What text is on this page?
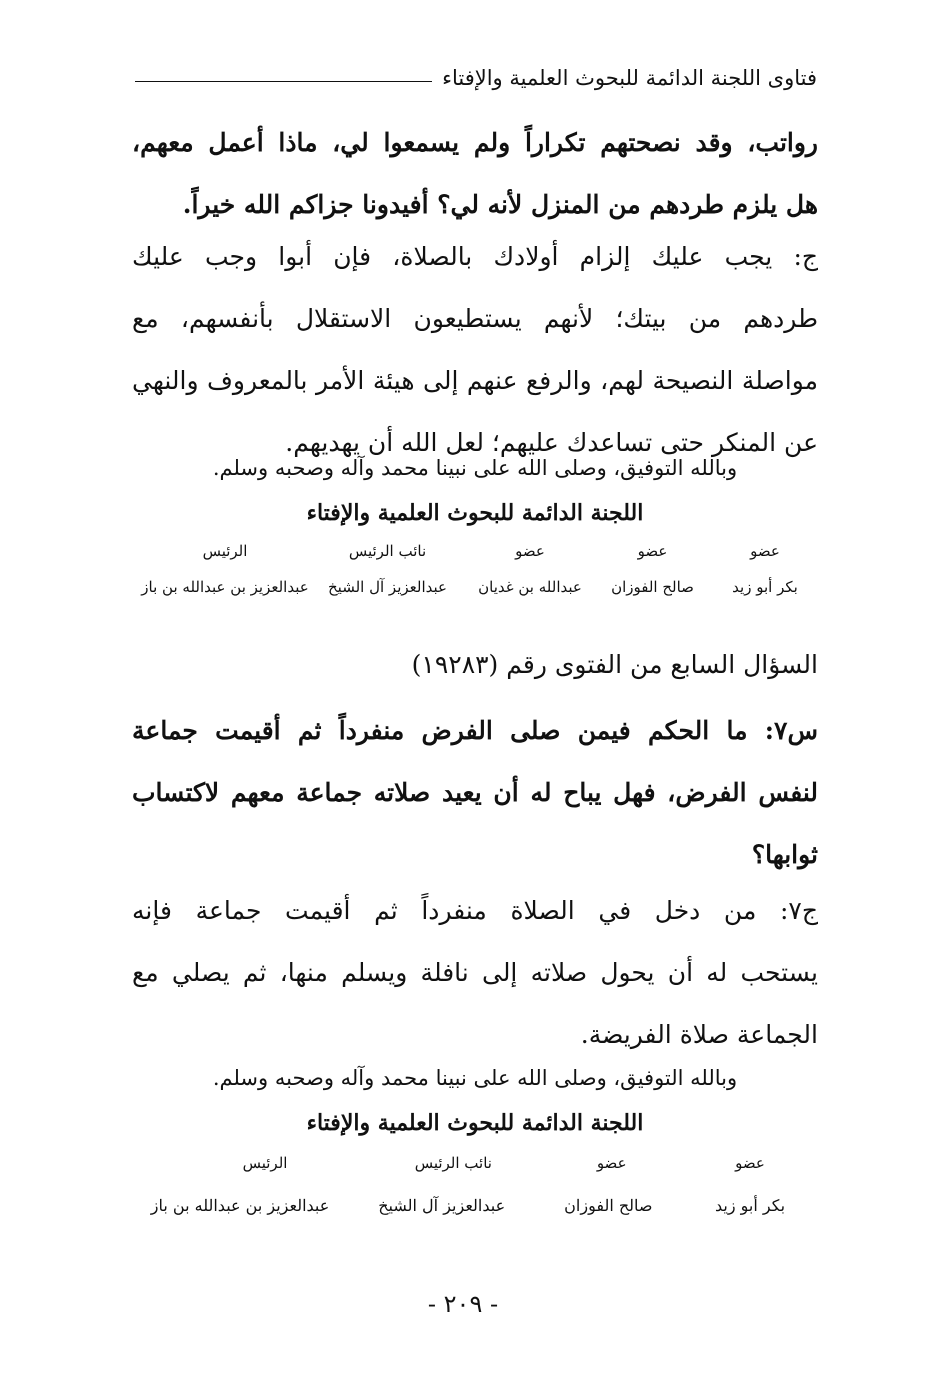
فتاوى اللجنة الدائمة للبحوث العلمية والإفتاء
رواتب، وقد نصحتهم تكراراً ولم يسمعوا لي، ماذا أعمل معهم،
هل يلزم طردهم من المنزل لأنه لي؟ أفيدونا جزاكم الله خيراً.
ج: يجب عليك إلزام أولادك بالصلاة، فإن أبوا وجب عليك
طردهم من بيتك؛ لأنهم يستطيعون الاستقلال بأنفسهم، مع
مواصلة النصيحة لهم، والرفع عنهم إلى هيئة الأمر بالمعروف والنهي
عن المنكر حتى تساعدك عليهم؛ لعل الله أن يهديهم.
وبالله التوفيق، وصلى الله على نبينا محمد وآله وصحبه وسلم.
اللجنة الدائمة للبحوث العلمية والإفتاء
عضو
عضو
عضو
نائب الرئيس
الرئيس
بكر أبو زيد
صالح الفوزان
عبدالله بن غديان
عبدالعزيز آل الشيخ
عبدالعزيز بن عبدالله بن باز
السؤال السابع من الفتوى رقم (١٩٢٨٣)
س٧: ما الحكم فيمن صلى الفرض منفرداً ثم أقيمت جماعة
لنفس الفرض، فهل يباح له أن يعيد صلاته جماعة معهم لاكتساب
ثوابها؟
ج٧: من دخل في الصلاة منفرداً ثم أقيمت جماعة فإنه
يستحب له أن يحول صلاته إلى نافلة ويسلم منها، ثم يصلي مع
الجماعة صلاة الفريضة.
وبالله التوفيق، وصلى الله على نبينا محمد وآله وصحبه وسلم.
اللجنة الدائمة للبحوث العلمية والإفتاء
عضو
عضو
نائب الرئيس
الرئيس
بكر أبو زيد
صالح الفوزان
عبدالعزيز آل الشيخ
عبدالعزيز بن عبدالله بن باز
- ٢٠٩ -
